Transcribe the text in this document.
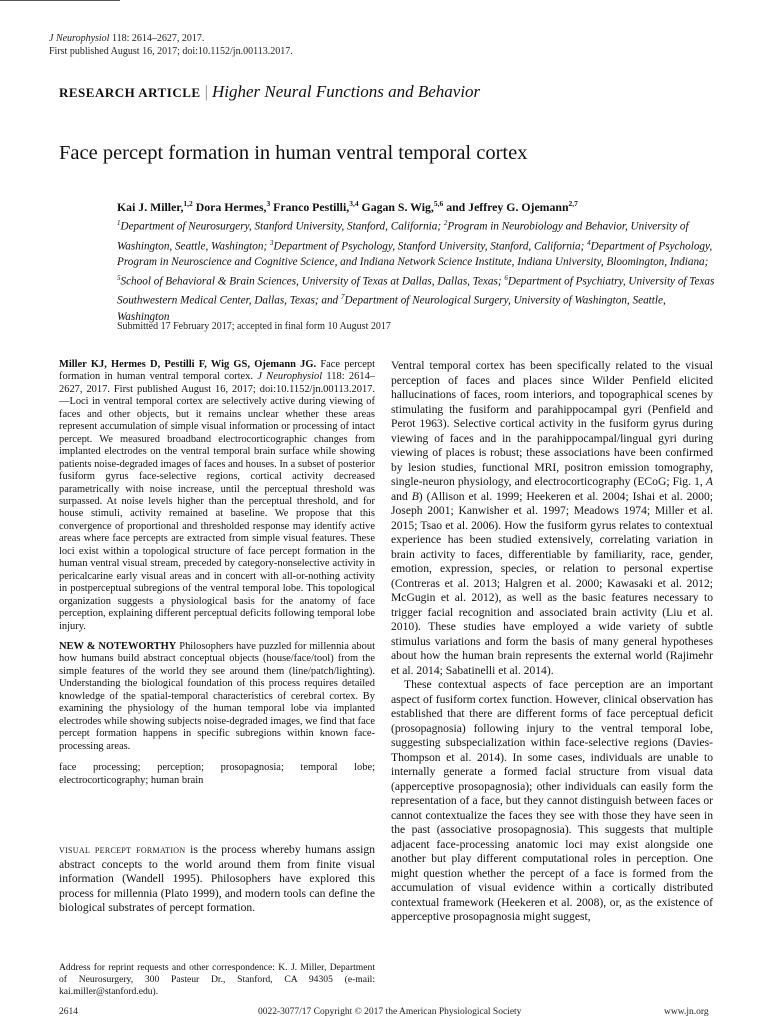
J Neurophysiol 118: 2614–2627, 2017.
First published August 16, 2017; doi:10.1152/jn.00113.2017.
RESEARCH ARTICLE | Higher Neural Functions and Behavior
Face percept formation in human ventral temporal cortex
Kai J. Miller,$^{1,2}$ Dora Hermes,$^3$ Franco Pestilli,$^{3,4}$ Gagan S. Wig,$^{5,6}$ and Jeffrey G. Ojemann$^{2,7}$
$^1$Department of Neurosurgery, Stanford University, Stanford, California; $^2$Program in Neurobiology and Behavior, University of Washington, Seattle, Washington; $^3$Department of Psychology, Stanford University, Stanford, California; $^4$Department of Psychology, Program in Neuroscience and Cognitive Science, and Indiana Network Science Institute, Indiana University, Bloomington, Indiana; $^5$School of Behavioral & Brain Sciences, University of Texas at Dallas, Dallas, Texas; $^6$Department of Psychiatry, University of Texas Southwestern Medical Center, Dallas, Texas; and $^7$Department of Neurological Surgery, University of Washington, Seattle, Washington
Submitted 17 February 2017; accepted in final form 10 August 2017

Miller KJ, Hermes D, Pestilli F, Wig GS, Ojemann JG. Face percept formation in human ventral temporal cortex. J Neurophysiol 118: 2614–2627, 2017. First published August 16, 2017; doi:10.1152/jn.00113.2017.—Loci in ventral temporal cortex are selectively active during viewing of faces and other objects, but it remains unclear whether these areas represent accumulation of simple visual information or processing of intact percept. We measured broadband electrocorticographic changes from implanted electrodes on the ventral temporal brain surface while showing patients noise-degraded images of faces and houses. In a subset of posterior fusiform gyrus face-selective regions, cortical activity decreased parametrically with noise increase, until the perceptual threshold was surpassed. At noise levels higher than the perceptual threshold, and for house stimuli, activity remained at baseline. We propose that this convergence of proportional and thresholded response may identify active areas where face percepts are extracted from simple visual features. These loci exist within a topological structure of face percept formation in the human ventral visual stream, preceded by category-nonselective activity in pericalcarine early visual areas and in concert with all-or-nothing activity in postperceptual subregions of the ventral temporal lobe. This topological organization suggests a physiological basis for the anatomy of face perception, explaining different perceptual deficits following temporal lobe injury.

NEW & NOTEWORTHY Philosophers have puzzled for millennia about how humans build abstract conceptual objects (house/face/tool) from the simple features of the world they see around them (line/patch/lighting). Understanding the biological foundation of this process requires detailed knowledge of the spatial-temporal characteristics of cerebral cortex. By examining the physiology of the human temporal lobe via implanted electrodes while showing subjects noise-degraded images, we find that face percept formation happens in specific subregions within known face-processing areas.

face processing; perception; prosopagnosia; temporal lobe; electrocorticography; human brain

visual percept formation is the process whereby humans assign abstract concepts to the world around them from finite visual information (Wandell 1995). Philosophers have explored this process for millennia (Plato 1999), and modern tools can define the biological substrates of percept formation.
Address for reprint requests and other correspondence: K. J. Miller, Department of Neurosurgery, 300 Pasteur Dr., Stanford, CA 94305 (e-mail: kai.miller@stanford.edu).

Ventral temporal cortex has been specifically related to the visual perception of faces and places since Wilder Penfield elicited hallucinations of faces, room interiors, and topographical scenes by stimulating the fusiform and parahippocampal gyri (Penfield and Perot 1963). Selective cortical activity in the fusiform gyrus during viewing of faces and in the parahippocampal/lingual gyri during viewing of places is robust; these associations have been confirmed by lesion studies, functional MRI, positron emission tomography, single-neuron physiology, and electrocorticography (ECoG; Fig. 1, A and B) (Allison et al. 1999; Heekeren et al. 2004; Ishai et al. 2000; Joseph 2001; Kanwisher et al. 1997; Meadows 1974; Miller et al. 2015; Tsao et al. 2006). How the fusiform gyrus relates to contextual experience has been studied extensively, correlating variation in brain activity to faces, differentiable by familiarity, race, gender, emotion, expression, species, or relation to personal expertise (Contreras et al. 2013; Halgren et al. 2000; Kawasaki et al. 2012; McGugin et al. 2012), as well as the basic features necessary to trigger facial recognition and associated brain activity (Liu et al. 2010). These studies have employed a wide variety of subtle stimulus variations and form the basis of many general hypotheses about how the human brain represents the external world (Rajimehr et al. 2014; Sabatinelli et al. 2014).

These contextual aspects of face perception are an important aspect of fusiform cortex function. However, clinical observation has established that there are different forms of face perceptual deficit (prosopagnosia) following injury to the ventral temporal lobe, suggesting subspecialization within face-selective regions (Davies-Thompson et al. 2014). In some cases, individuals are unable to internally generate a formed facial structure from visual data (apperceptive prosopagnosia); other individuals can easily form the representation of a face, but they cannot distinguish between faces or cannot contextualize the faces they see with those they have seen in the past (associative prosopagnosia). This suggests that multiple adjacent face-processing anatomic loci may exist alongside one another but play different computational roles in perception. One might question whether the percept of a face is formed from the accumulation of visual evidence within a cortically distributed contextual framework (Heekeren et al. 2008), or, as the existence of apperceptive prosopagnosia might suggest,

2614	0022-3077/17 Copyright © 2017 the American Physiological Society	www.jn.org
